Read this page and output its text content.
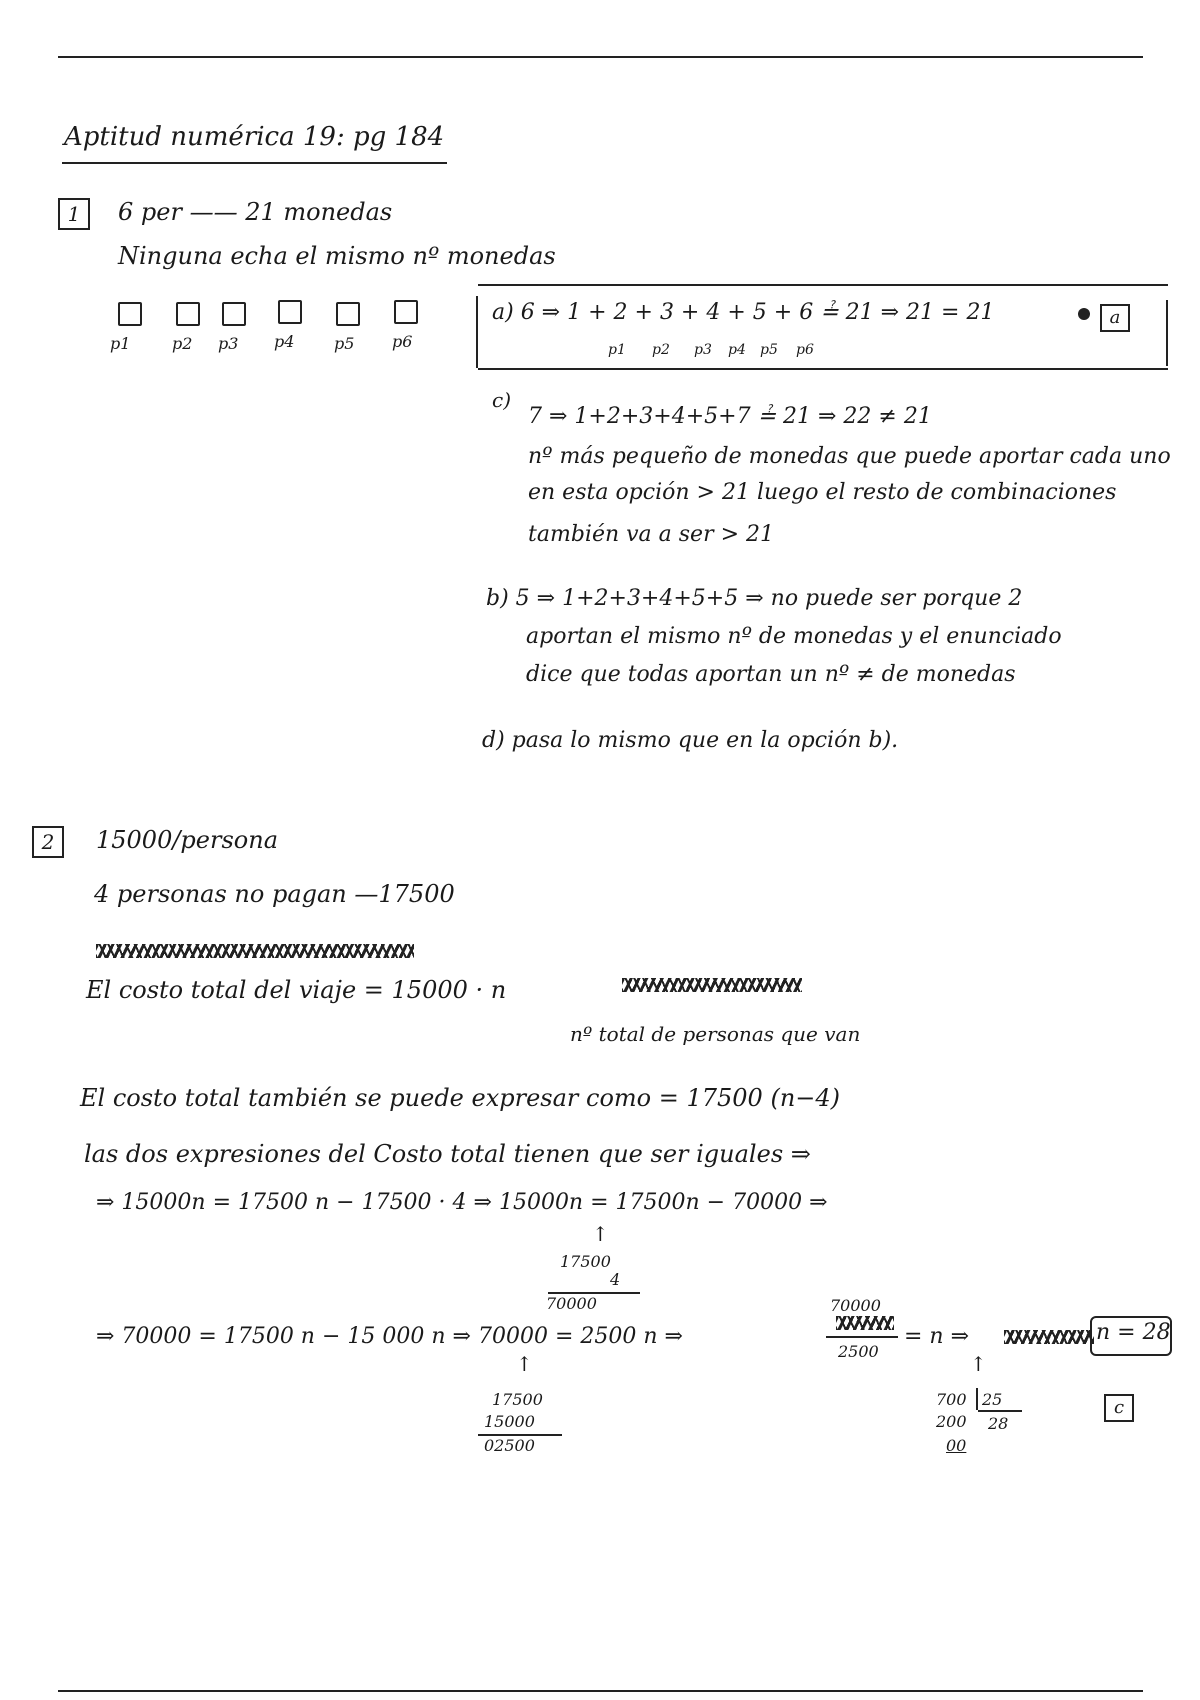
Aptitud numérica 19: pg 184
1	6 per —— 21 monedas
Ninguna echa el mismo nº monedas
p1	p2 p3 p4 p5 p6
a) 6 ⇒ 1 + 2 + 3 + 4 + 5 + 6 ≟ 21 ⇒ 21 = 21
p1 p2 p3 p4 p5 p6
a
c)
7 ⇒ 1+2+3+4+5+7 ≟ 21 ⇒ 22 ≠ 21
nº más pequeño de monedas que puede aportar cada uno
en esta opción > 21 luego el resto de combinaciones
también va a ser > 21
b) 5 ⇒ 1+2+3+4+5+5 ⇒ no puede ser porque 2
aportan el mismo nº de monedas y el enunciado
dice que todas aportan un nº ≠ de monedas
d) pasa lo mismo que en la opción b).
2	15000/persona
4 personas no pagan —17500
El costo total del viaje = 15000 · n
nº total de personas que van
El costo total también se puede expresar como = 17500 (n−4)
las dos expresiones del Costo total tienen que ser iguales ⇒
⇒ 15000n = 17500 n − 17500 · 4 ⇒ 15000n = 17500n − 70000 ⇒
↑
17500
4
70000
⇒ 70000 = 17500 n − 15 000 n ⇒ 70000 = 2500 n ⇒
70000
2500
= n ⇒	n = 28
↑
17500
15000
02500
↑
700 25
200 28
00
c
